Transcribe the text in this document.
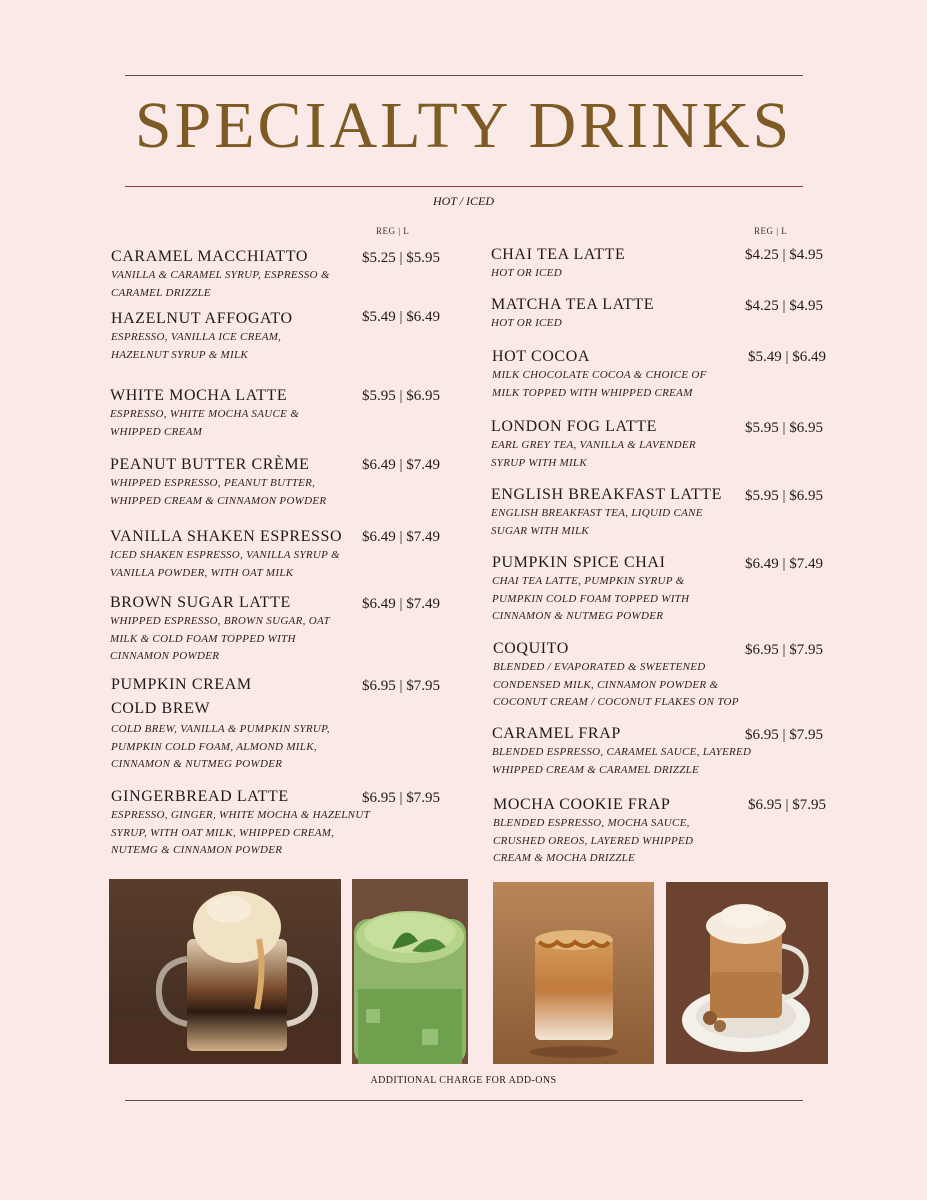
SPECIALTY DRINKS
HOT / ICED
REG | L	REG | L
CARAMEL MACCHIATTO
VANILLA & CARAMEL SYRUP, ESPRESSO & CARAMEL DRIZZLE
$5.25 | $5.95
HAZELNUT AFFOGATO
ESPRESSO, VANILLA ICE CREAM, HAZELNUT SYRUP & MILK
$5.49 | $6.49
WHITE MOCHA LATTE
ESPRESSO, WHITE MOCHA SAUCE & WHIPPED CREAM
$5.95 | $6.95
PEANUT BUTTER CRÈME
WHIPPED ESPRESSO, PEANUT BUTTER, WHIPPED CREAM & CINNAMON POWDER
$6.49 | $7.49
VANILLA SHAKEN ESPRESSO
ICED SHAKEN ESPRESSO, VANILLA SYRUP & VANILLA POWDER, WITH OAT MILK
$6.49 | $7.49
BROWN SUGAR LATTE
WHIPPED ESPRESSO, BROWN SUGAR, OAT MILK & COLD FOAM TOPPED WITH CINNAMON POWDER
$6.49 | $7.49
PUMPKIN CREAM
COLD BREW
COLD BREW, VANILLA & PUMPKIN SYRUP, PUMPKIN COLD FOAM, ALMOND MILK, CINNAMON & NUTMEG POWDER
$6.95 | $7.95
GINGERBREAD LATTE
ESPRESSO, GINGER, WHITE MOCHA & HAZELNUT SYRUP, WITH OAT MILK, WHIPPED CREAM, NUTEMG & CINNAMON POWDER
$6.95 | $7.95
CHAI TEA LATTE
HOT OR ICED
$4.25 | $4.95
MATCHA TEA LATTE
HOT OR ICED
$4.25 | $4.95
HOT COCOA
MILK CHOCOLATE COCOA & CHOICE OF MILK TOPPED WITH WHIPPED CREAM
$5.49 | $6.49
LONDON FOG LATTE
EARL GREY TEA, VANILLA & LAVENDER SYRUP WITH MILK
$5.95 | $6.95
ENGLISH BREAKFAST LATTE
ENGLISH BREAKFAST TEA, LIQUID CANE SUGAR WITH MILK
$5.95 | $6.95
PUMPKIN SPICE CHAI
CHAI TEA LATTE, PUMPKIN SYRUP & PUMPKIN COLD FOAM TOPPED WITH CINNAMON & NUTMEG POWDER
$6.49 | $7.49
COQUITO
BLENDED / EVAPORATED & SWEETENED CONDENSED MILK, CINNAMON POWDER & COCONUT CREAM / COCONUT FLAKES ON TOP
$6.95 | $7.95
CARAMEL FRAP
BLENDED ESPRESSO, CARAMEL SAUCE, LAYERED WHIPPED CREAM & CARAMEL DRIZZLE
$6.95 | $7.95
MOCHA COOKIE FRAP
BLENDED ESPRESSO, MOCHA SAUCE, CRUSHED OREOS, LAYERED WHIPPED CREAM & MOCHA DRIZZLE
$6.95 | $7.95
ADDITIONAL CHARGE FOR ADD-ONS
